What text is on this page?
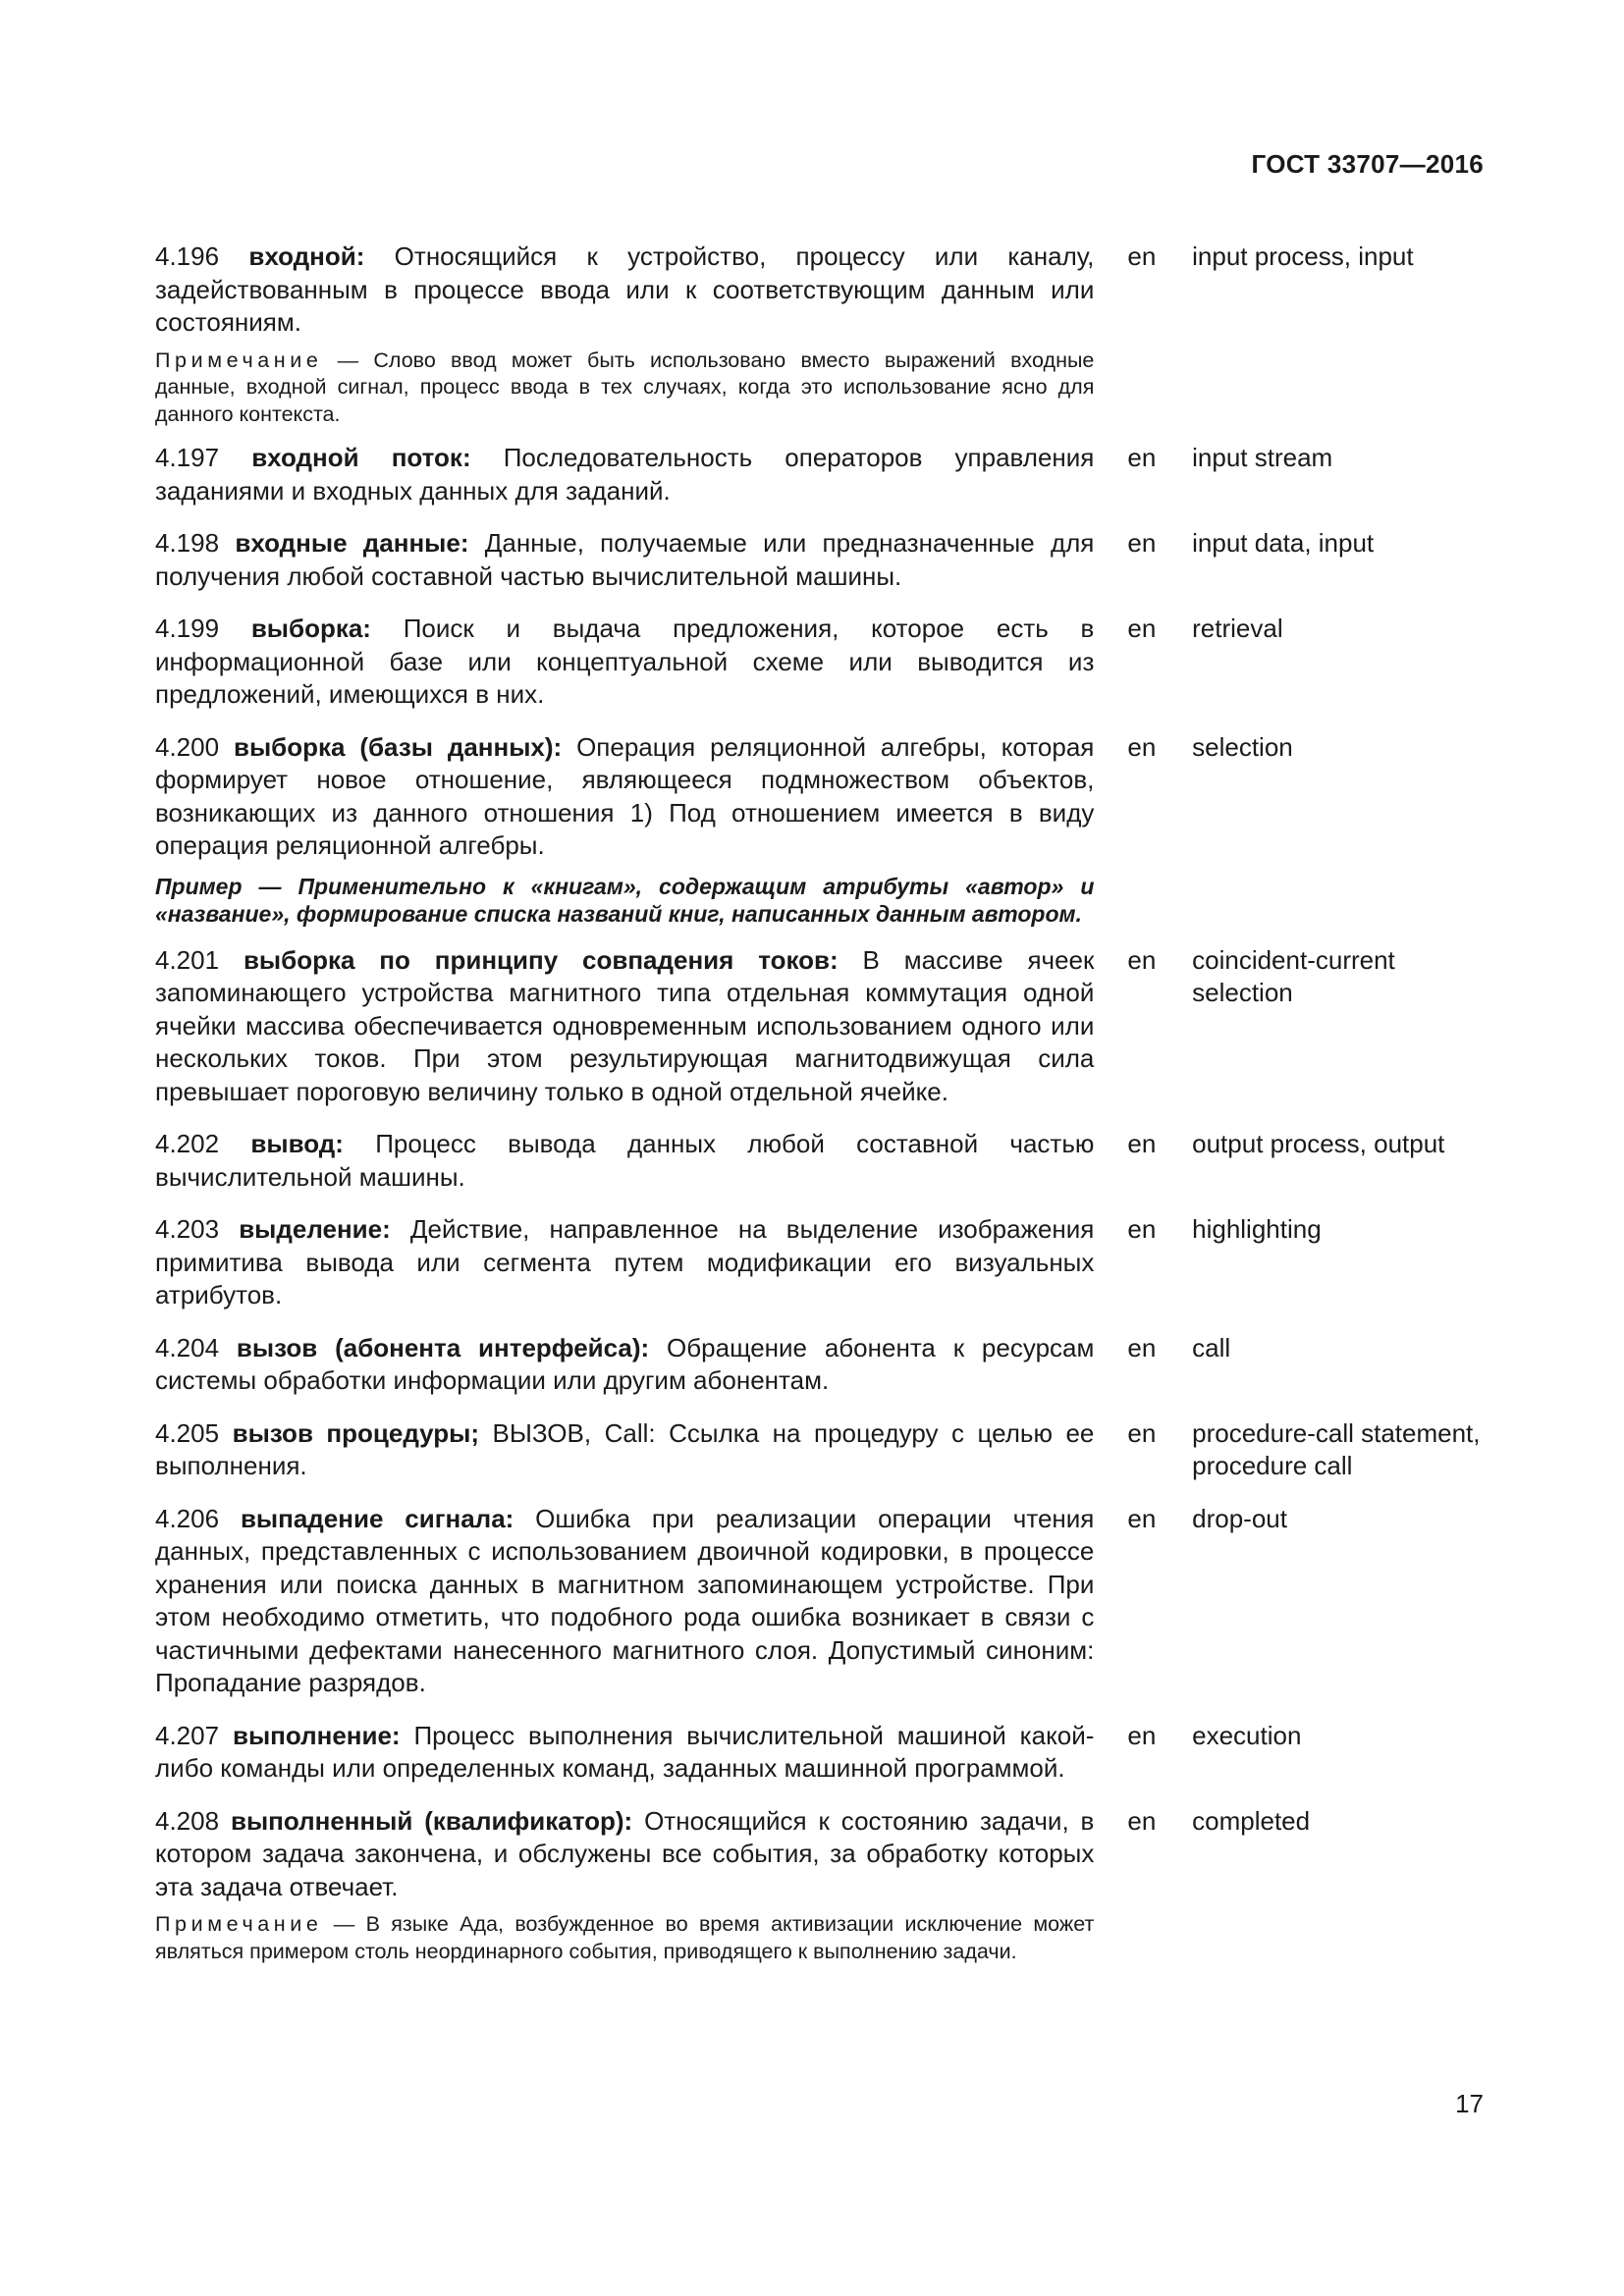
ГОСТ 33707—2016
4.196 входной: Относящийся к устройство, процессу или каналу, задействованным в процессе ввода или к соответствующим данным или состояниям.
Примечание — Слово ввод может быть использовано вместо выражений входные данные, входной сигнал, процесс ввода в тех случаях, когда это использование ясно для данного контекста.
en	input process, input
4.197 входной поток: Последовательность операторов управления заданиями и входных данных для заданий.
en	input stream
4.198 входные данные: Данные, получаемые или предназначенные для получения любой составной частью вычислительной машины.
en	input data, input
4.199 выборка: Поиск и выдача предложения, которое есть в информационной базе или концептуальной схеме или выводится из предложений, имеющихся в них.
en	retrieval
4.200 выборка (базы данных): Операция реляционной алгебры, которая формирует новое отношение, являющееся подмножеством объектов, возникающих из данного отношения 1) Под отношением имеется в виду операция реляционной алгебры.
Пример — Применительно к «книгам», содержащим атрибуты «автор» и «название», формирование списка названий книг, написанных данным автором.
en	selection
4.201 выборка по принципу совпадения токов: В массиве ячеек запоминающего устройства магнитного типа отдельная коммутация одной ячейки массива обеспечивается одновременным использованием одного или нескольких токов. При этом результирующая магнитодвижущая сила превышает пороговую величину только в одной отдельной ячейке.
en	coincident-current selection
4.202 вывод: Процесс вывода данных любой составной частью вычислительной машины.
en	output process, output
4.203 выделение: Действие, направленное на выделение изображения примитива вывода или сегмента путем модификации его визуальных атрибутов.
en	highlighting
4.204 вызов (абонента интерфейса): Обращение абонента к ресурсам системы обработки информации или другим абонентам.
en	call
4.205 вызов процедуры; ВЫЗОВ, Call: Ссылка на процедуру с целью ее выполнения.
en	procedure-call statement, procedure call
4.206 выпадение сигнала: Ошибка при реализации операции чтения данных, представленных с использованием двоичной кодировки, в процессе хранения или поиска данных в магнитном запоминающем устройстве. При этом необходимо отметить, что подобного рода ошибка возникает в связи с частичными дефектами нанесенного магнитного слоя. Допустимый синоним: Пропадание разрядов.
en	drop-out
4.207 выполнение: Процесс выполнения вычислительной машиной какой-либо команды или определенных команд, заданных машинной программой.
en	execution
4.208 выполненный (квалификатор): Относящийся к состоянию задачи, в котором задача закончена, и обслужены все события, за обработку которых эта задача отвечает.
Примечание — В языке Ада, возбужденное во время активизации исключение может являться примером столь неординарного события, приводящего к выполнению задачи.
en	completed
17
